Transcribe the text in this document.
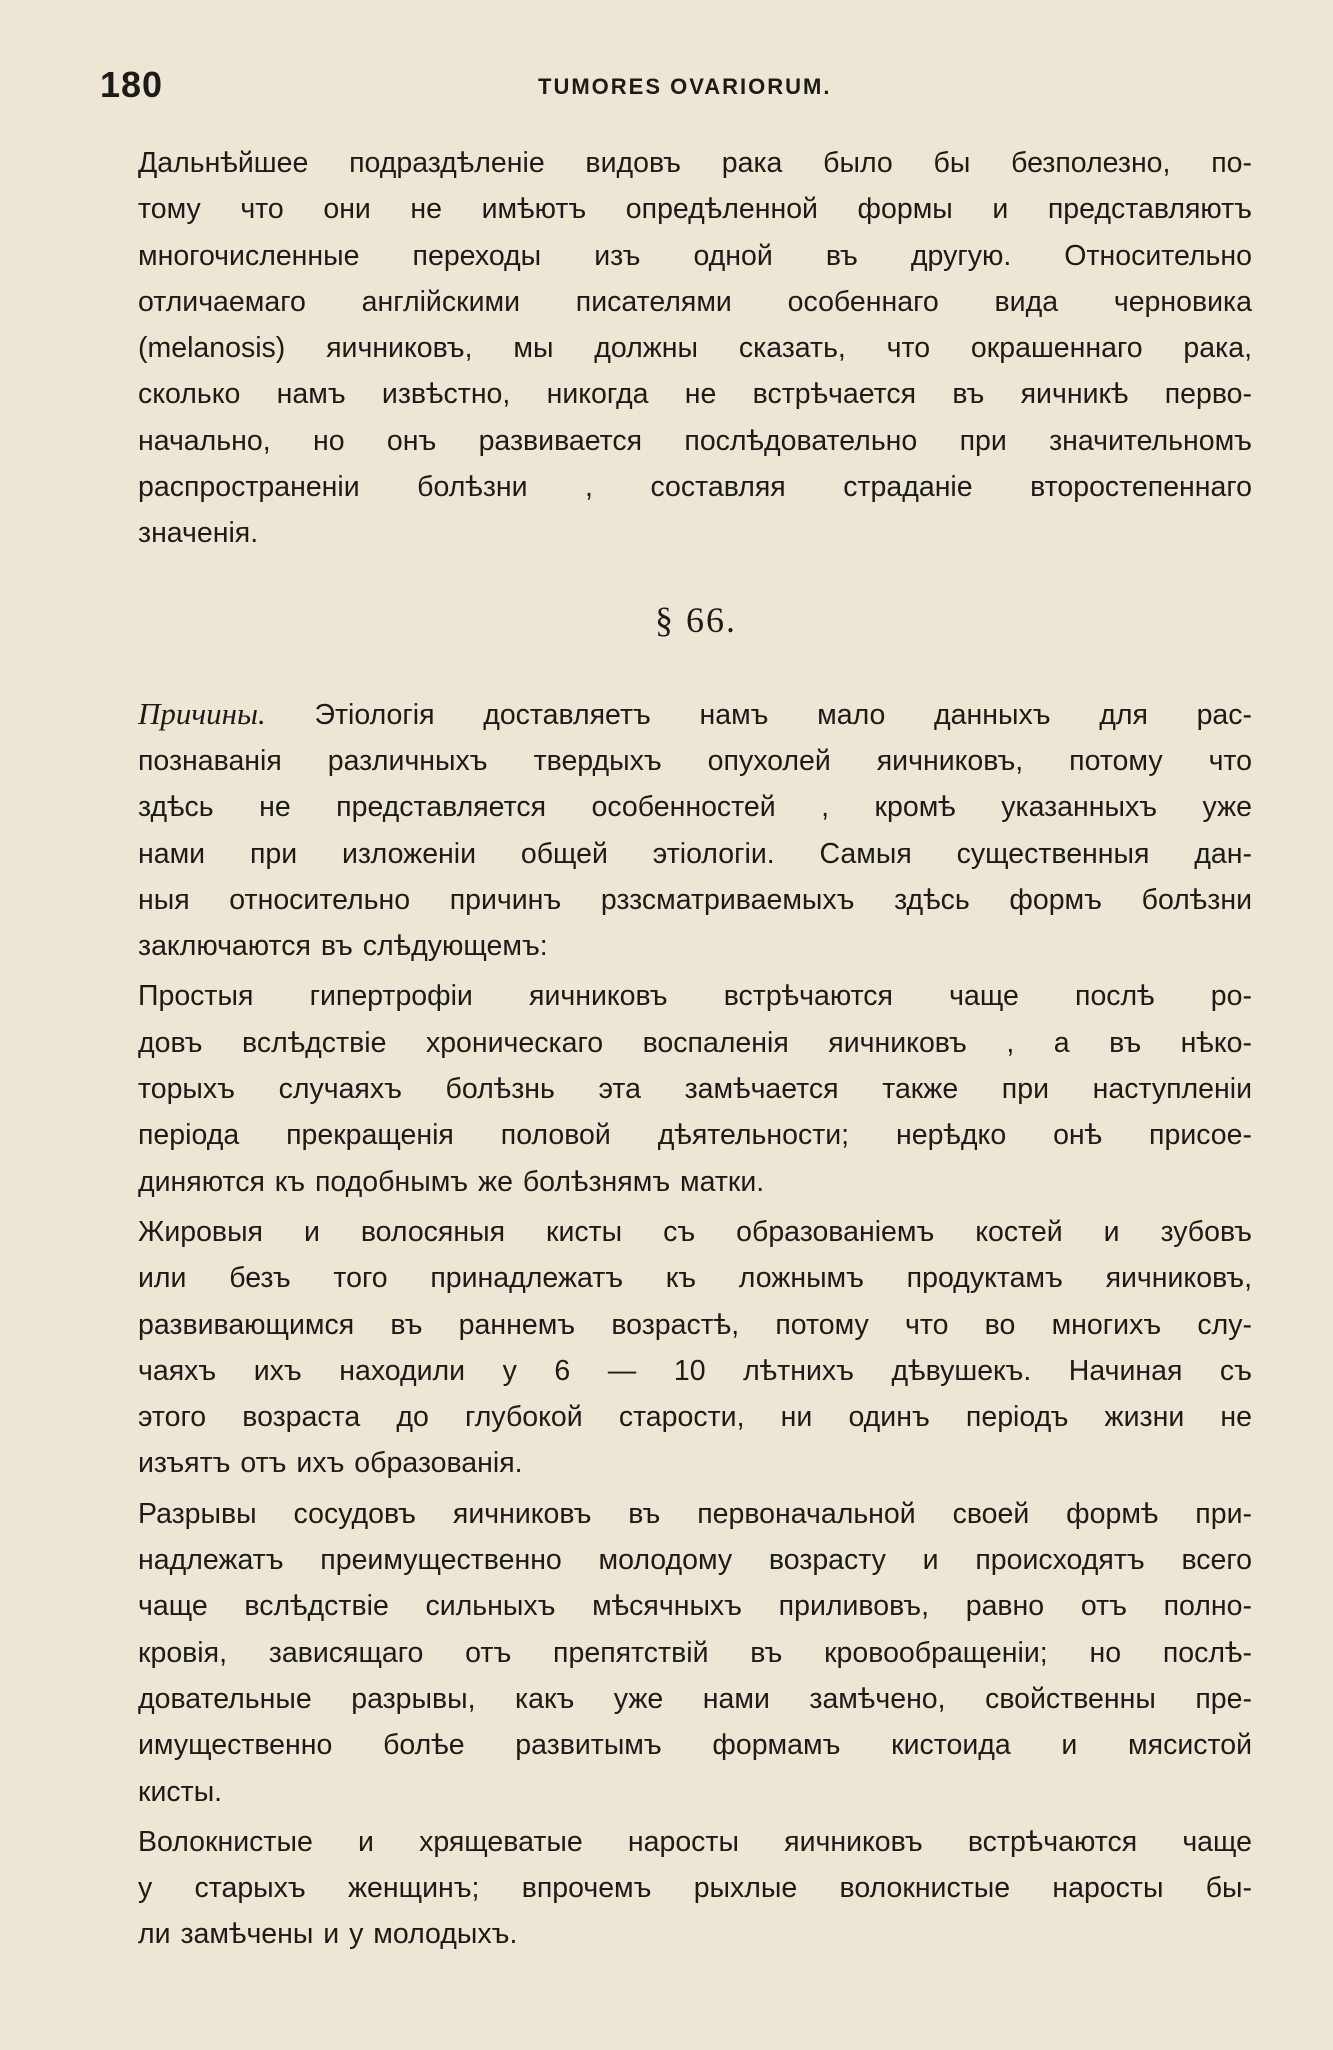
180	TUMORES OVARIORUM.

Дальнѣйшее подраздѣленіе видовъ рака было бы безполезно, по-
тому что они не имѣютъ опредѣленной формы и представляютъ
многочисленные переходы изъ одной въ другую. Относительно
отличаемаго англійскими писателями особеннаго вида черновика
(melanosis) яичниковъ, мы должны сказать, что окрашеннаго рака,
сколько намъ извѣстно, никогда не встрѣчается въ яичникѣ перво-
начально, но онъ развивается послѣдовательно при значительномъ
распространеніи болѣзни , составляя страданіе второстепеннаго
значенія.

§ 66.

Причины. Этіологія доставляетъ намъ мало данныхъ для рас-
познаванія различныхъ твердыхъ опухолей яичниковъ, потому что
здѣсь не представляется особенностей , кромѣ указанныхъ уже
нами при изложеніи общей этіологіи. Самыя существенныя дан-
ныя относительно причинъ рззсматриваемыхъ здѣсь формъ болѣзни
заключаются въ слѣдующемъ:

Простыя гипертрофіи яичниковъ встрѣчаются чаще послѣ ро-
довъ вслѣдствіе хроническаго воспаленія яичниковъ , а въ нѣко-
торыхъ случаяхъ болѣзнь эта замѣчается также при наступленіи
періода прекращенія половой дѣятельности; нерѣдко онѣ присое-
диняются къ подобнымъ же болѣзнямъ матки.

Жировыя и волосяныя кисты съ образованіемъ костей и зубовъ
или безъ того принадлежатъ къ ложнымъ продуктамъ яичниковъ,
развивающимся въ раннемъ возрастѣ, потому что во многихъ слу-
чаяхъ ихъ находили у 6 — 10 лѣтнихъ дѣвушекъ. Начиная съ
этого возраста до глубокой старости, ни одинъ періодъ жизни не
изъятъ отъ ихъ образованія.

Разрывы сосудовъ яичниковъ въ первоначальной своей формѣ при-
надлежатъ преимущественно молодому возрасту и происходятъ всего
чаще вслѣдствіе сильныхъ мѣсячныхъ приливовъ, равно отъ полно-
кровія, зависящаго отъ препятствій въ кровообращеніи; но послѣ-
довательные разрывы, какъ уже нами замѣчено, свойственны пре-
имущественно болѣе развитымъ формамъ кистоида и мясистой
кисты.

Волокнистые и хрящеватые наросты яичниковъ встрѣчаются чаще
у старыхъ женщинъ; впрочемъ рыхлые волокнистые наросты бы-
ли замѣчены и у молодыхъ.
